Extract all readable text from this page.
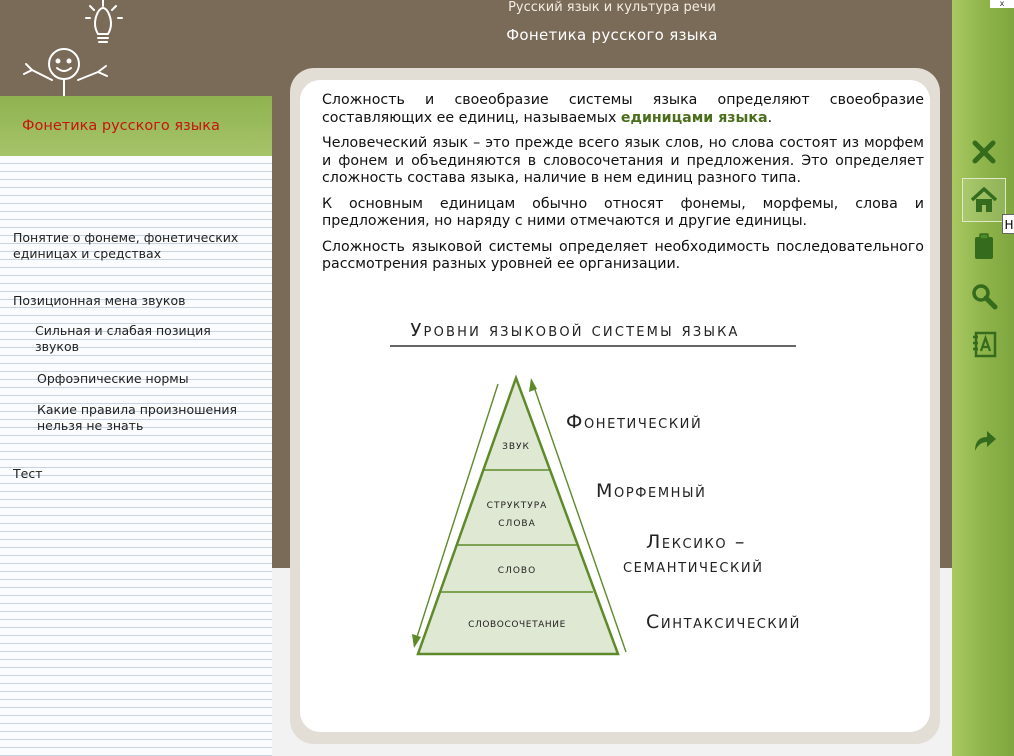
Русский язык и культура речи
Фонетика русского языка
Фонетика русского языка
Понятие о фонеме, фонетических единицах и средствах
Позиционная мена звуков
Сильная и слабая позиция звуков
Орфоэпические нормы
Какие правила произношения нельзя не знать
Тест

Сложность и своеобразие системы языка определяют своеобразие составляющих ее единиц, называемых единицами языка.

Человеческий язык – это прежде всего язык слов, но слова состоят из морфем и фонем и объединяются в словосочетания и предложения. Это определяет сложность состава языка, наличие в нем единиц разного типа.

К основным единицам обычно относят фонемы, морфемы, слова и предложения, но наряду с ними отмечаются и другие единицы.

Сложность языковой системы определяет необходимость последовательного рассмотрения разных уровней ее организации.

Уровни языковой системы языка
звук
структура
слова
слово
словосочетание
Фонетический
Морфемный
Лексико –
семантический
Синтаксический
Н
х
